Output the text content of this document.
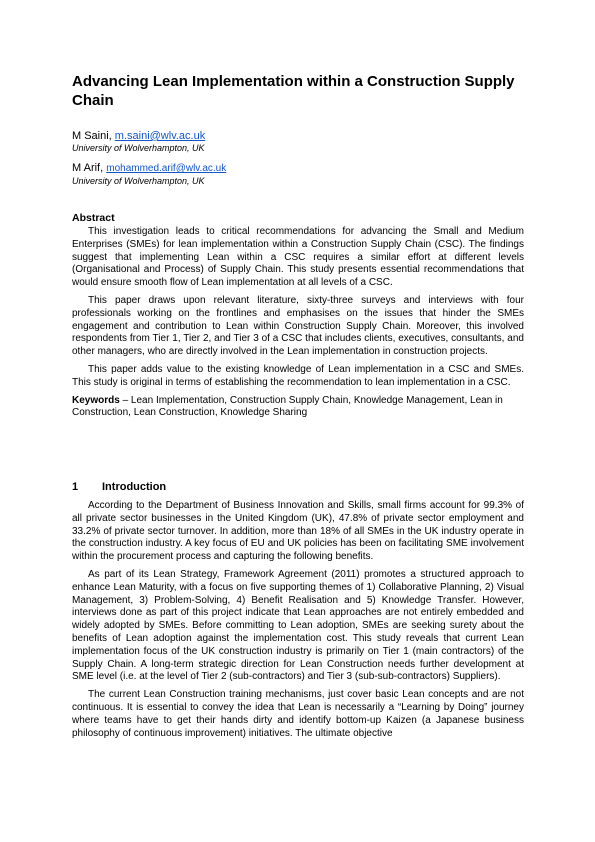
Advancing Lean Implementation within a Construction Supply Chain

M Saini, m.saini@wlv.ac.uk

University of Wolverhampton, UK

M Arif, mohammed.arif@wlv.ac.uk

University of Wolverhampton, UK

Abstract

This investigation leads to critical recommendations for advancing the Small and Medium Enterprises (SMEs) for lean implementation within a Construction Supply Chain (CSC). The findings suggest that implementing Lean within a CSC requires a similar effort at different levels (Organisational and Process) of Supply Chain. This study presents essential recommendations that would ensure smooth flow of Lean implementation at all levels of a CSC.

This paper draws upon relevant literature, sixty-three surveys and interviews with four professionals working on the frontlines and emphasises on the issues that hinder the SMEs engagement and contribution to Lean within Construction Supply Chain. Moreover, this involved respondents from Tier 1, Tier 2, and Tier 3 of a CSC that includes clients, executives, consultants, and other managers, who are directly involved in the Lean implementation in construction projects.

This paper adds value to the existing knowledge of Lean implementation in a CSC and SMEs. This study is original in terms of establishing the recommendation to lean implementation in a CSC.

Keywords – Lean Implementation, Construction Supply Chain, Knowledge Management, Lean in Construction, Lean Construction, Knowledge Sharing

1 Introduction

According to the Department of Business Innovation and Skills, small firms account for 99.3% of all private sector businesses in the United Kingdom (UK), 47.8% of private sector employment and 33.2% of private sector turnover. In addition, more than 18% of all SMEs in the UK industry operate in the construction industry. A key focus of EU and UK policies has been on facilitating SME involvement within the procurement process and capturing the following benefits.

As part of its Lean Strategy, Framework Agreement (2011) promotes a structured approach to enhance Lean Maturity, with a focus on five supporting themes of 1) Collaborative Planning, 2) Visual Management, 3) Problem-Solving, 4) Benefit Realisation and 5) Knowledge Transfer. However, interviews done as part of this project indicate that Lean approaches are not entirely embedded and widely adopted by SMEs. Before committing to Lean adoption, SMEs are seeking surety about the benefits of Lean adoption against the implementation cost. This study reveals that current Lean implementation focus of the UK construction industry is primarily on Tier 1 (main contractors) of the Supply Chain. A long-term strategic direction for Lean Construction needs further development at SME level (i.e. at the level of Tier 2 (sub-contractors) and Tier 3 (sub-sub-contractors) Suppliers).

The current Lean Construction training mechanisms, just cover basic Lean concepts and are not continuous. It is essential to convey the idea that Lean is necessarily a “Learning by Doing” journey where teams have to get their hands dirty and identify bottom-up Kaizen (a Japanese business philosophy of continuous improvement) initiatives. The ultimate objective
